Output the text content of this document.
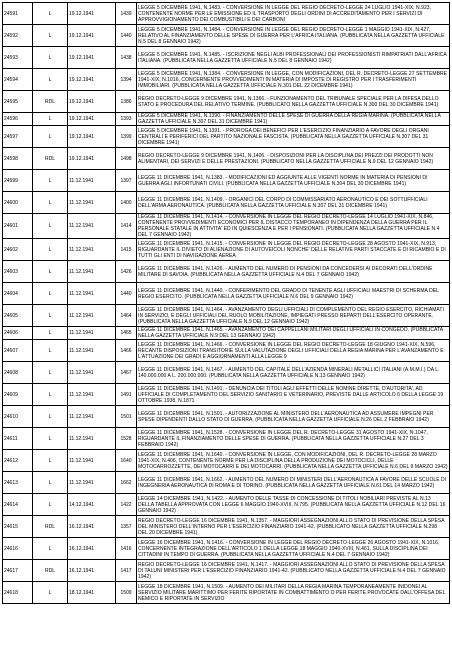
24591	L	19.12.1941	1439	LEGGE 5 DICEMBRE 1941, N.1483. - CONVERSIONE IN LEGGE DEL REGIO DECRETO-LEGGE 24 LUGLIO 1941-XIX, N.923, CONTENENTE NORME PER LE EMISSIONE ED IL TRASPORTO DEGLI ORDINI DI ACCREDITAMENTO PER I SERVIZI DI APPROVVIGIONAMENTO DEI COMBUSTIBILI E DEI CARBONI
24592	L	19.12.1941	1440	LEGGE 5 DICEMBRE 1941, N.1484. - CONVERSIONE IN LEGGE DEL REGIO DECRETO-LEGGE 1 MAGGIO 1941-XIX, N.427, RELATIVO AL FINANZIAMENTO DELLE SPESE DI GUERRA PER L'AFRICA ITALIANA. (PUBBLICATA NELLA GAZZETTA UFFICIALE N.5 DEL 8 GENNAIO 1942)
24593	L	19.12.1941	1438	LEGGE 5 DICEMBRE 1941, N.1485. - ISCRIZIONE NEGLI ALBI PROFESSIONALI DEI PROFESSIONISTI RIMPATRIATI DALL'AFRICA ITALIANA. (PUBBLICATA NELLA GAZZETTA UFFICIALE N.5 DEL 8 GENNAIO 1942)
24594	L	19.12.1941	1394	LEGGE 5 DICEMBRE 1941, N.1384. - CONVERSIONE IN LEGGE, CON MODIFICAZIONI, DEL R. DECRETO-LEGGE 27 SETTEMBRE 1941-XIX, N.1016, CONCERNENTE PROVVEDIMENTI IN MATERIA DI IMPOSTE DI REGISTRO PER I TRASFERIMENTI IMMOBILIARI. (PUBBLICATA NELLA GAZZETTA UFFICIALE N.301 DEL 22 DICEMBRE 1941)
24595	RDL	19.12.1941	1386	REGIO DECRETO-LEGGE 9 DICEMBRE 1941, N.1366. - FUNZIONAMENTO DEL TRIBUNALE SPECIALE PER LA DIFESA DELLO STATO E PROCEDURA DEL RELATIVO TERMINE. (PUBBLICATO NELLA GAZZETTA UFFICIALE N.300 DEL 30 DICEMBRE 1941)
24596	L	19.12.1941	1393	LEGGE 5 DICEMBRE 1941, N.1390. - FINANZIAMENTO DELLE SPESE DI GUERRA DELLA REGIA MARINA. (PUBBLICATA NELLA GAZZETTA UFFICIALE N.307 DEL 31 DICEMBRE 1941)
24597	L	19.12.1941	1399	LEGGE 5 DICEMBRE 1941, N.1391. - PROROGA DEI BENEFICI PER L'ESERCIZIO FINANZIARIO A FAVORE DEGLI ORGANI CENTRALI E PERIFERICI DEL PARTITO NAZIONALE FASCISTA. (PUBBLICATA NELLA GAZZETTA UFFICIALE N.307 DEL 31 DICEMBRE 1941)
24598	RDL	19.12.1941	1498	REGIO DECRETO-LEGGE 9 DICEMBRE 1941, N.1406. - DISPOSIZIONI PER LA DISCIPLINA DEI PREZZI DEI PRODOTTI NON ALIMENTARI, DEI SERVIZI E DELLE PRESTAZIONI. (PUBBLICATO NELLA GAZZETTA UFFICIALE N.9 DEL 12 GENNAIO 1942)
24599	L	11.12.1941	1397	LEGGE 11 DICEMBRE 1941, N.1383. - MODIFICAZIONI ED AGGIUNTE ALLE VIGENTI NORME IN MATERIA DI PENSIONI DI GUERRA AGLI INFORTUNATI CIVILI. (PUBBLICATA NELLA GAZZETTA UFFICIALE N.304 DEL 30 DICEMBRE 1941)
24600	L	11.12.1941	1400	LEGGE 11 DICEMBRE 1941, N.1409. - ORGANICI DEL CORPO DI COMMISSARIATO AERONAUTICO E DEI SOTTUFFICIALI DELL'ARMA AERONAUTICA. (PUBBLICATA NELLA GAZZETTA UFFICIALE N.307 DEL 31 DICEMBRE 1941)
24601	L	11.12.1941	1414	LEGGE 11 DICEMBRE 1941, N.1414. - CONVERSIONE IN LEGGE DEL REGIO DECRETO-LEGGE 14 LUGLIO 1941-XIX, N.846, CONTENENTE PROVVEDIMENTI ECONOMICI PER IL DISTACCO TEMPORANEO IN DIPENDENZA DELLA GUERRA PER IL PERSONALE STATALE IN ATTIVITA' ED IN QUIESCENZA E PER I PENSIONATI. (PUBBLICATA NELLA GAZZETTA UFFICIALE N.4 DEL 7 GENNAIO 1942)
24602	L	11.12.1941	1415	LEGGE 11 DICEMBRE 1941, N.1415. - CONVERSIONE IN LEGGE DEL REGIO DECRETO-LEGGE 28 AGOSTO 1941-XIX, N.913, RIGUARDANTE IL DIVIETO DI ALIENAZIONE DI AUTOVEICOLI NONCHE' DELLE RELATIVE PARTI STACCATE E DI RICAMBIO E DI TUTTI GLI ENTI DI NAVIGAZIONE AEREA
24603	L	11.12.1941	1426	LEGGE 11 DICEMBRE 1941, N.1426. - AUMENTO DEL NUMERO DI PENSIONI DA CONCEDERSI AI DECORATI DELL'ORDINE MILITARE DI SAVOIA. (PUBBLICATA NELLA GAZZETTA UFFICIALE N.4 DEL 7 GENNAIO 1942)
24604	L	11.12.1941	1440	LEGGE 11 DICEMBRE 1941, N.1440. - CONFERIMENTO DEL GRADO DI TENENTE AGLI UFFICIALI MAESTRI DI SCHERMA DEL REGIO ESERCITO. (PUBBLICATA NELLA GAZZETTA UFFICIALE N.6 DEL 9 GENNAIO 1942)
24605	L	11.12.1941	1464	LEGGE 11 DICEMBRE 1941, N.1464. - AVANZAMENTO DEGLI UFFICIALI DI COMPLEMENTO DEL REGIO ESERCITO, RICHIAMATI IN SERVIZIO, E DEGLI UFFICIALI DEL RUOLO MOBILITAZIONE, IMPIEGATI PRESSO REPARTI DELL'ESERCITO OPERANTE. (PUBBLICATA NELLA GAZZETTA UFFICIALE N.9 DEL 12 GENNAIO 1942)
24606	L	11.12.1941	1465	LEGGE 11 DICEMBRE 1941, N.1465. - AVANZAMENTO DEI CAPPELLANI MILITARI DEGLI UFFICIALI IN CONGEDO. (PUBBLICATA NELLA GAZZETTA UFFICIALE N.9 DEL 13 GENNAIO 1942)
24607	L	11.12.1941	1466	LEGGE 11 DICEMBRE 1941, N.1466. - CONVERSIONE IN LEGGE DEL REGIO DECRETO-LEGGE 18 GIUGNO 1941-XIX, N.596, RECANTE DISPOSIZIONI TRANSITORIE SULLA VALUTAZIONE DEGLI UFFICIALI DELLA REGIA MARINA PER L'AVANZAMENTO E L'ATTUAZIONE DEI GRADI E AGGIORNAMENTI ALLA LEGGE 9
24608	L	11.12.1941	1467	LEGGE 11 DICEMBRE 1941, N.1467. - AUMENTO DEL CAPITALE DELL'AZIENDA MINERALI METALLICI ITALIANI (A.M.M.I.) DA L. 140.000.000 A L. 200.000.000. (PUBBLICATA NELLA GAZZETTA UFFICIALE N.13 GENNAIO 1942)
24609	L	11.12.1941	1491	LEGGE 11 DICEMBRE 1941, N.1491. - DENUNCIA DEI TITOLI AGLI EFFETTI DELLE NOMINE DIRETTE, D'AUTORITA', AD UFFICIALE DI COMPLETAMENTO DEL SERVIZIO SANITARIO E VETERINARIO, PREVISTE DALLE ARTICOLO 6 DELLA LEGGE 19 OTTOBRE 1938, N.1871
24610	L	11.12.1941	1501	LEGGE 11 DICEMBRE 1941, N.1501. - AUTORIZZAZIONE AL MINISTERO DELL'AERONAUTICA AD ASSUMERE IMPEGNI PER SPESE DIPENDENTI DALLO STATO DI GUERRA. (PUBBLICATA NELLA GAZZETTA UFFICIALE N.26 DEL 2 FEBBRAIO 1942)
24611	L	11.12.1941	1528	LEGGE 11 DICEMBRE 1941, N.1528. - CONVERSIONE IN LEGGE DEL R. DECRETO-LEGGE 31 AGOSTO 1941-XIX, N.1047, RIGUARDANTE IL FINANZIAMENTO DELLE SPESE DI GUERRA. (PUBBLICATA NELLA GAZZETTA UFFICIALE N.27 DEL 3 FEBBRAIO 1942)
24612	L	11.12.1941	1640	LEGGE 11 DICEMBRE 1941, N.1640. - CONVERSIONE IN LEGGE, CON MODIFICAZIONI, DEL R. DECRETO-LEGGE 28 MARZO 1941-XIX, N.406, CONTENENTE NORME PER LA DISCIPLINA DELLA PRODUZIONE DEI MOTOCICLI, DELLE MOTOCARROZZETTE, DEI MOTOCARRI E DEI MOTOCARRI. (PUBBLICATA NELLA GAZZETTA UFFICIALE N.6 DEL 9 MARZO 1942)
24613	L	11.12.1941	1662	LEGGE 11 DICEMBRE 1941, N.1662. - AUMENTO DEL NUMERO DI MINISTERI DELL'AERONAUTICA A FAVORE DELLE SCUOLE DI INGEGNERIA AERONAUTICA DI ROMA E DI TORINO. (PUBBLICATA NELLA GAZZETTA UFFICIALE N.61 DEL 14 MARZO 1942)
24614	L	14.12.1941	1422	LEGGE 14 DICEMBRE 1941, N.1422. - AUMENTO DELLE TASSE DI CONCESSIONE DI TITOLI NOBILIARI PREVISTE AL N.13 DELLA TABELLA APPROVATA CON LEGGE 6 MAGGIO 1940-XVIII, N.795. (PUBBLICATA NELLA GAZZETTA UFFICIALE N.12 DEL 16 GENNAIO 1942)
24615	RDL	16.12.1941	1357	REGIO DECRETO-LEGGE 16 DICEMBRE 1941, N.1357. - MAGGIORI ASSEGNAZIONI ALLO STATO DI PREVISIONE DELLA SPESA DEL MINISTERO DELL'INTERNO PER L'ESERCIZIO FINANZIARIO 1941-42. (PUBBLICATO NELLA GAZZETTA UFFICIALE N.298 DEL 20 DICEMBRE 1941)
24616	L	16.12.1941	1416	LEGGE 16 DICEMBRE 1941, N.1416. - CONVERSIONE IN LEGGE DEL REGIO DECRETO-LEGGE 26 AGOSTO 1941-XIX, N.1016, CONCERNENTE INTEGRAZIONE DELL'ARTICOLO 1 DELLA LEGGE 18 MAGGIO 1940-XVIII, N.461, SULLA DISCIPLINA DEI CITTADINI IN TEMPO DI GUERRA. (PUBBLICATA NELLA GAZZETTA UFFICIALE N.4 DEL 7 GENNAIO 1942)
24617	RDL	16.12.1941	1417	REGIO DECRETO-LEGGE 16 DICEMBRE 1941, N.1417. - MAGGIORI ASSEGNAZIONI ALLO STATO DI PREVISIONE DELLA SPESA DI TALUNI MINISTERI PER L'ESERCIZIO FINANZIARIO 1941-42. (PUBBLICATO NELLA GAZZETTA UFFICIALE N.4 DEL 7 GENNAIO 1942)
24618	L	18.12.1941	1509	LEGGE 18 DICEMBRE 1941, N.1509. - AUMENTO DEI MILITARI DELLA REGIA MARINA TEMPORANEAMENTE INIDONEI AL SERVIZIO MILITARE MARITTIMO PER FERITE RIPORTATE IN COMBATTIMENTO O PER FERITE PROVOCATE DALL'OFFESA DEL NEMICO E RIPORTATE IN SERVIZIO
